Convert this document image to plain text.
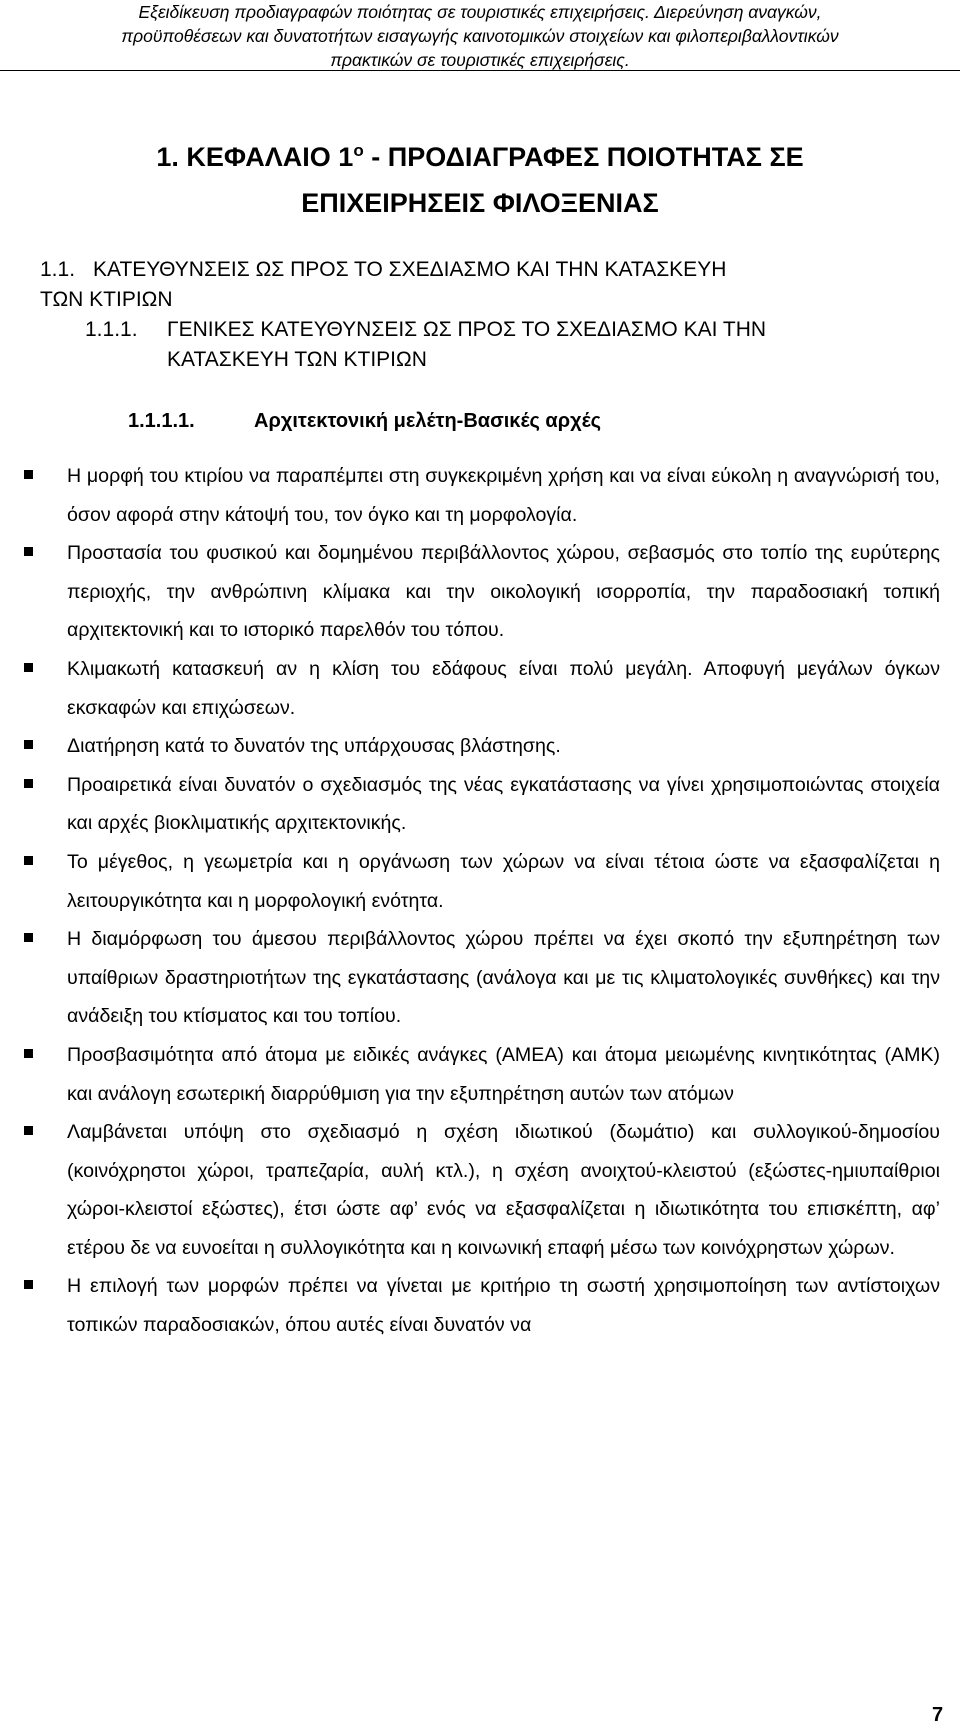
Εξειδίκευση προδιαγραφών ποιότητας σε τουριστικές επιχειρήσεις. Διερεύνηση αναγκών,
προϋποθέσεων και δυνατοτήτων εισαγωγής καινοτομικών στοιχείων και φιλοπεριβαλλοντικών
πρακτικών σε τουριστικές επιχειρήσεις.
1. ΚΕΦΑΛΑΙΟ $1^o$ - ΠΡΟΔΙΑΓΡΑΦΕΣ ΠΟΙΟΤΗΤΑΣ ΣΕ
ΕΠΙΧΕΙΡΗΣΕΙΣ ΦΙΛΟΞΕΝΙΑΣ
1.1. ΚΑΤΕΥΘΥΝΣΕΙΣ ΩΣ ΠΡΟΣ ΤΟ ΣΧΕΔΙΑΣΜΟ ΚΑΙ ΤΗΝ ΚΑΤΑΣΚΕΥΗ
ΤΩΝ ΚΤΙΡΙΩΝ
1.1.1. ΓΕΝΙΚΕΣ ΚΑΤΕΥΘΥΝΣΕΙΣ ΩΣ ΠΡΟΣ ΤΟ ΣΧΕΔΙΑΣΜΟ ΚΑΙ ΤΗΝ
ΚΑΤΑΣΚΕΥΗ ΤΩΝ ΚΤΙΡΙΩΝ
1.1.1.1.	Αρχιτεκτονική μελέτη-Βασικές αρχές
Η μορφή του κτιρίου να παραπέμπει στη συγκεκριμένη χρήση και να είναι εύκολη η αναγνώρισή του, όσον αφορά στην κάτοψή του, τον όγκο και τη μορφολογία.
Προστασία του φυσικού και δομημένου περιβάλλοντος χώρου, σεβασμός στο τοπίο της ευρύτερης περιοχής, την ανθρώπινη κλίμακα και την οικολογική ισορροπία, την παραδοσιακή τοπική αρχιτεκτονική και το ιστορικό παρελθόν του τόπου.
Κλιμακωτή κατασκευή αν η κλίση του εδάφους είναι πολύ μεγάλη. Αποφυγή μεγάλων όγκων εκσκαφών και επιχώσεων.
Διατήρηση κατά το δυνατόν της υπάρχουσας βλάστησης.
Προαιρετικά είναι δυνατόν ο σχεδιασμός της νέας εγκατάστασης να γίνει χρησιμοποιώντας στοιχεία και αρχές βιοκλιματικής αρχιτεκτονικής.
Το μέγεθος, η γεωμετρία και η οργάνωση των χώρων να είναι τέτοια ώστε να εξασφαλίζεται η λειτουργικότητα και η μορφολογική ενότητα.
Η διαμόρφωση του άμεσου περιβάλλοντος χώρου πρέπει να έχει σκοπό την εξυπηρέτηση των υπαίθριων δραστηριοτήτων της εγκατάστασης (ανάλογα και με τις κλιματολογικές συνθήκες) και την ανάδειξη του κτίσματος και του τοπίου.
Προσβασιμότητα από άτομα με ειδικές ανάγκες (ΑΜΕΑ) και άτομα μειωμένης κινητικότητας (ΑΜΚ) και ανάλογη εσωτερική διαρρύθμιση για την εξυπηρέτηση αυτών των ατόμων
Λαμβάνεται υπόψη στο σχεδιασμό η σχέση ιδιωτικού (δωμάτιο) και συλλογικού-δημοσίου (κοινόχρηστοι χώροι, τραπεζαρία, αυλή κτλ.), η σχέση ανοιχτού-κλειστού (εξώστες-ημιυπαίθριοι χώροι-κλειστοί εξώστες), έτσι ώστε αφ’ ενός να εξασφαλίζεται η ιδιωτικότητα του επισκέπτη, αφ’ ετέρου δε να ευνοείται η συλλογικότητα και η κοινωνική επαφή μέσω των κοινόχρηστων χώρων.
Η επιλογή των μορφών πρέπει να γίνεται με κριτήριο τη σωστή χρησιμοποίηση των αντίστοιχων τοπικών παραδοσιακών, όπου αυτές είναι δυνατόν να
7
